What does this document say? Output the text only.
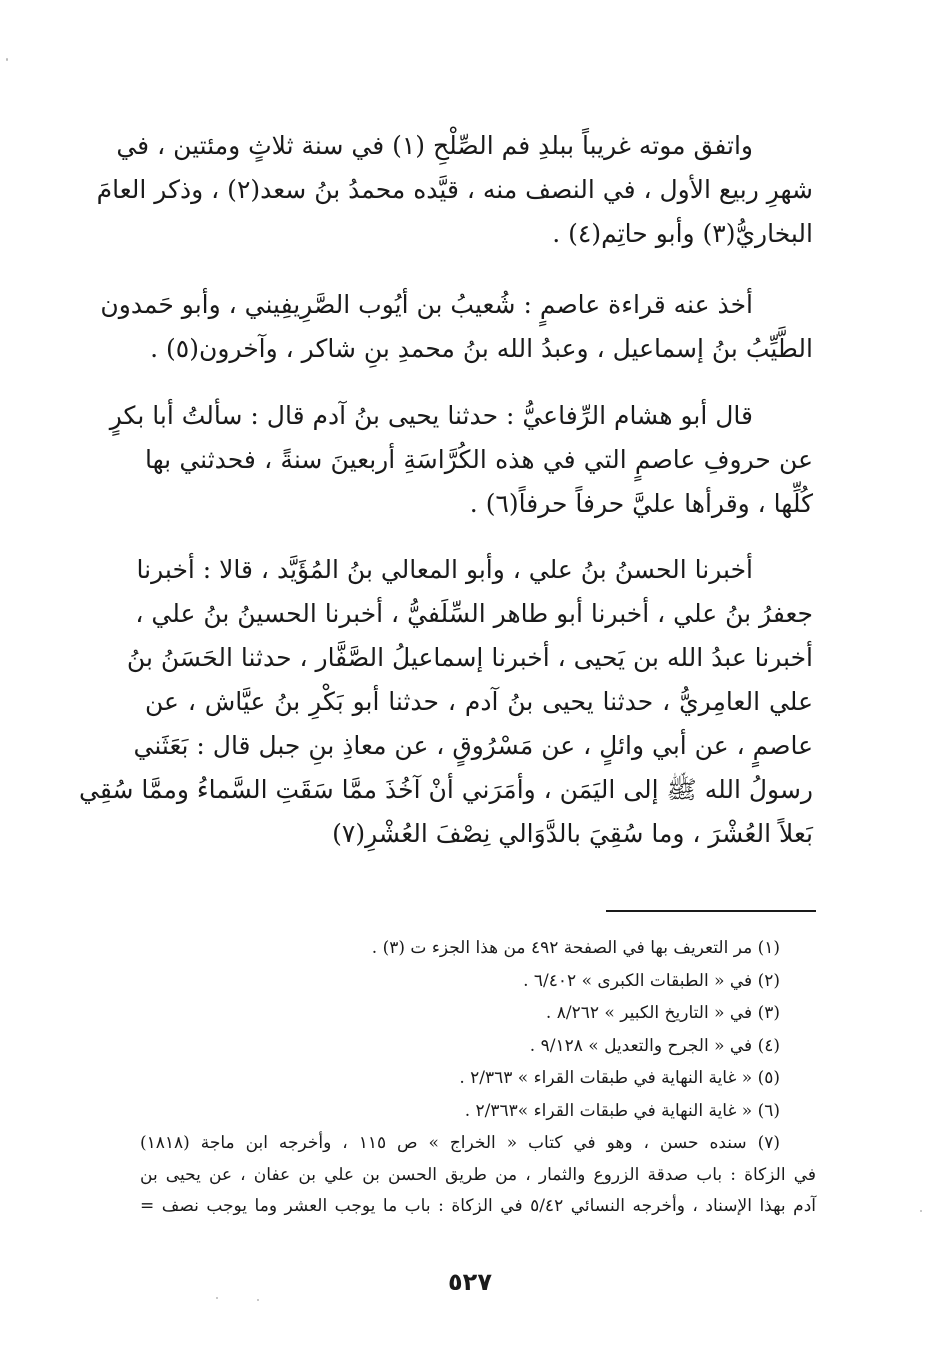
واتفق موته غريباً ببلدِ فم الصِّلْحِ (١) في سنة ثلاثٍ ومئتين ، في
شهرِ ربيع الأول ، في النصف منه ، قيَّده محمدُ بنُ سعد(٢) ، وذكر العامَ
البخاريُّ(٣) وأبو حاتِم(٤) .
أخذ عنه قراءة عاصمٍ : شُعيبُ بن أيُوب الصَّرِيفِيني ، وأبو حَمدون
الطَّيِّبُ بنُ إسماعيل ، وعبدُ الله بنُ محمدِ بنِ شاكر ، وآخرون(٥) .
قال أبو هشام الرِّفاعيُّ : حدثنا يحيى بنُ آدم قال : سألتُ أبا بكرٍ
عن حروفِ عاصمٍ التي في هذه الكُرَّاسَةِ أربعينَ سنةً ، فحدثني بها
كُلِّها ، وقرأها عليَّ حرفاً حرفاً(٦) .
أخبرنا الحسنُ بنُ علي ، وأبو المعالي بنُ المُؤَيَّد ، قالا : أخبرنا
جعفرُ بنُ علي ، أخبرنا أبو طاهر السِّلَفيُّ ، أخبرنا الحسينُ بنُ علي ،
أخبرنا عبدُ الله بن يَحيى ، أخبرنا إسماعيلُ الصَّفَّار ، حدثنا الحَسَنُ بنُ
علي العامِريُّ ، حدثنا يحيى بنُ آدم ، حدثنا أبو بَكْرِ بنُ عيَّاش ، عن
عاصمٍ ، عن أبي وائلٍ ، عن مَسْرُوقٍ ، عن معاذِ بنِ جبل قال : بَعَثَني
رسولُ الله ﷺ إلى اليَمَن ، وأمَرَني أنْ آخُذَ ممَّا سَقَتِ السَّماءُ وممَّا سُقِي
بَعلاً العُشْرَ ، وما سُقِيَ بالدَّوَالي نِصْفَ العُشْرِ(٧)
(١) مر التعريف بها في الصفحة ٤٩٢ من هذا الجزء ت (٣) .
(٢) في « الطبقات الكبرى » ٦/٤٠٢ .
(٣) في « التاريخ الكبير » ٨/٢٦٢ .
(٤) في « الجرح والتعديل » ٩/١٢٨ .
(٥) « غاية النهاية في طبقات القراء » ٢/٣٦٣ .
(٦) « غاية النهاية في طبقات القراء »٢/٣٦٣ .
(٧) سنده حسن ، وهو في كتاب « الخراج » ص ١١٥ ، وأخرجه ابن ماجة (١٨١٨)
في الزكاة : باب صدقة الزروع والثمار ، من طريق الحسن بن علي بن عفان ، عن يحيى بن
آدم بهذا الإسناد ، وأخرجه النسائي ٥/٤٢ في الزكاة : باب ما يوجب العشر وما يوجب نصف =
٥٢٧
